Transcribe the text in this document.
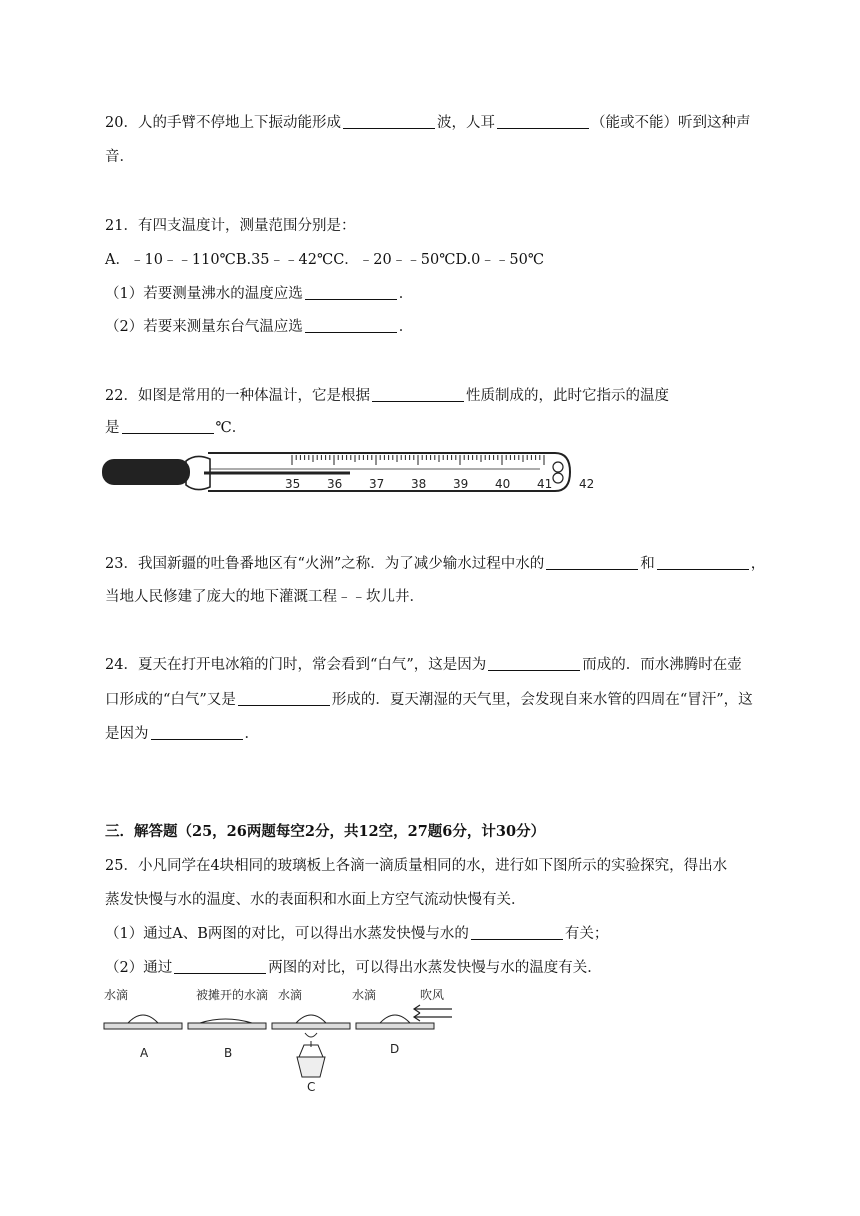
20．人的手臂不停地上下振动能形成	波，人耳	（能或不能）听到这种声
音．
21．有四支温度计，测量范围分别是：
A．﹣10﹣﹣110℃B.35﹣﹣42℃C．﹣20﹣﹣50℃D.0﹣﹣50℃
（1）若要测量沸水的温度应选	．
（2）若要来测量东台气温应选	．
22．如图是常用的一种体温计，它是根据	性质制成的，此时它指示的温度
是	℃．
35 36 37 38 39 40 41 42
23．我国新疆的吐鲁番地区有“火洲”之称．为了减少输水过程中水的	和	，
当地人民修建了庞大的地下灌溉工程﹣﹣坎儿井．
24．夏天在打开电冰箱的门时，常会看到“白气”，这是因为	而成的．而水沸腾时在壶
口形成的“白气”又是	形成的．夏天潮湿的天气里，会发现自来水管的四周在“冒汗”，这
是因为	．
三．解答题（25，26两题每空2分，共12空，27题6分，计30分）
25．小凡同学在4块相同的玻璃板上各滴一滴质量相同的水，进行如下图所示的实验探究，得出水
蒸发快慢与水的温度、水的表面积和水面上方空气流动快慢有关．
（1）通过A、B两图的对比，可以得出水蒸发快慢与水的	有关；
（2）通过	两图的对比，可以得出水蒸发快慢与水的温度有关．
水滴	被摊开的水滴 水滴	水滴	吹风
A	B
C
D
